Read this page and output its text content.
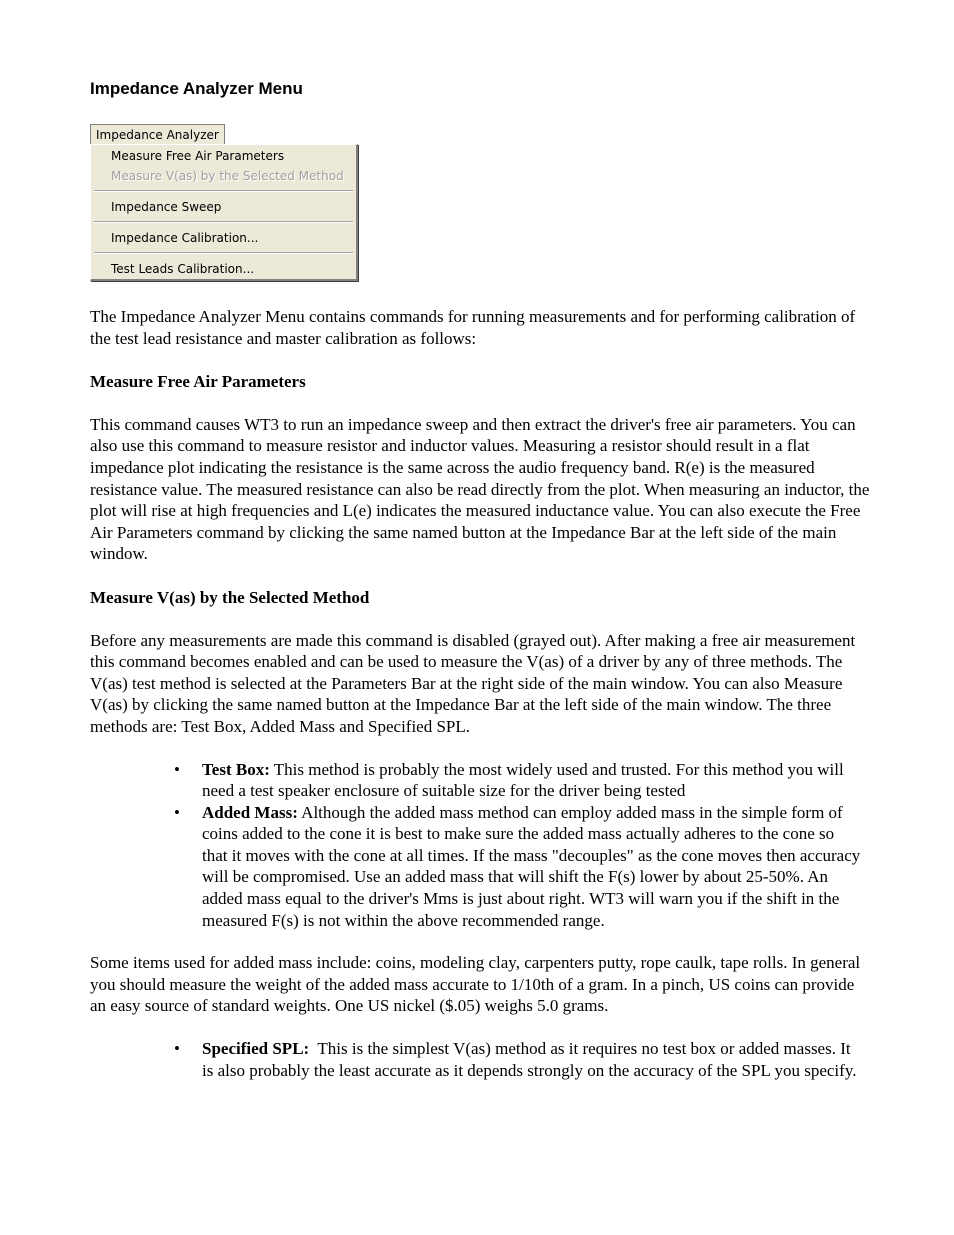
Impedance Analyzer Menu
Impedance Analyzer
Measure Free Air Parameters
Measure V(as) by the Selected Method
Impedance Sweep
Impedance Calibration...
Test Leads Calibration...

The Impedance Analyzer Menu contains commands for running measurements and for performing calibration of the test lead resistance and master calibration as follows:

Measure Free Air Parameters

This command causes WT3 to run an impedance sweep and then extract the driver's free air parameters. You can also use this command to measure resistor and inductor values. Measuring a resistor should result in a flat impedance plot indicating the resistance is the same across the audio frequency band. R(e) is the measured resistance value. The measured resistance can also be read directly from the plot. When measuring an inductor, the plot will rise at high frequencies and L(e) indicates the measured inductance value. You can also execute the Free Air Parameters command by clicking the same named button at the Impedance Bar at the left side of the main window.

Measure V(as) by the Selected Method

Before any measurements are made this command is disabled (grayed out). After making a free air measurement this command becomes enabled and can be used to measure the V(as) of a driver by any of three methods. The V(as) test method is selected at the Parameters Bar at the right side of the main window. You can also Measure V(as) by clicking the same named button at the Impedance Bar at the left side of the main window. The three methods are: Test Box, Added Mass and Specified SPL.

• Test Box: This method is probably the most widely used and trusted. For this method you will need a test speaker enclosure of suitable size for the driver being tested
• Added Mass: Although the added mass method can employ added mass in the simple form of coins added to the cone it is best to make sure the added mass actually adheres to the cone so that it moves with the cone at all times. If the mass "decouples" as the cone moves then accuracy will be compromised. Use an added mass that will shift the F(s) lower by about 25-50%. An added mass equal to the driver's Mms is just about right. WT3 will warn you if the shift in the measured F(s) is not within the above recommended range.

Some items used for added mass include: coins, modeling clay, carpenters putty, rope caulk, tape rolls. In general you should measure the weight of the added mass accurate to 1/10th of a gram. In a pinch, US coins can provide an easy source of standard weights. One US nickel ($.05) weighs 5.0 grams.

• Specified SPL:  This is the simplest V(as) method as it requires no test box or added masses. It is also probably the least accurate as it depends strongly on the accuracy of the SPL you specify.
